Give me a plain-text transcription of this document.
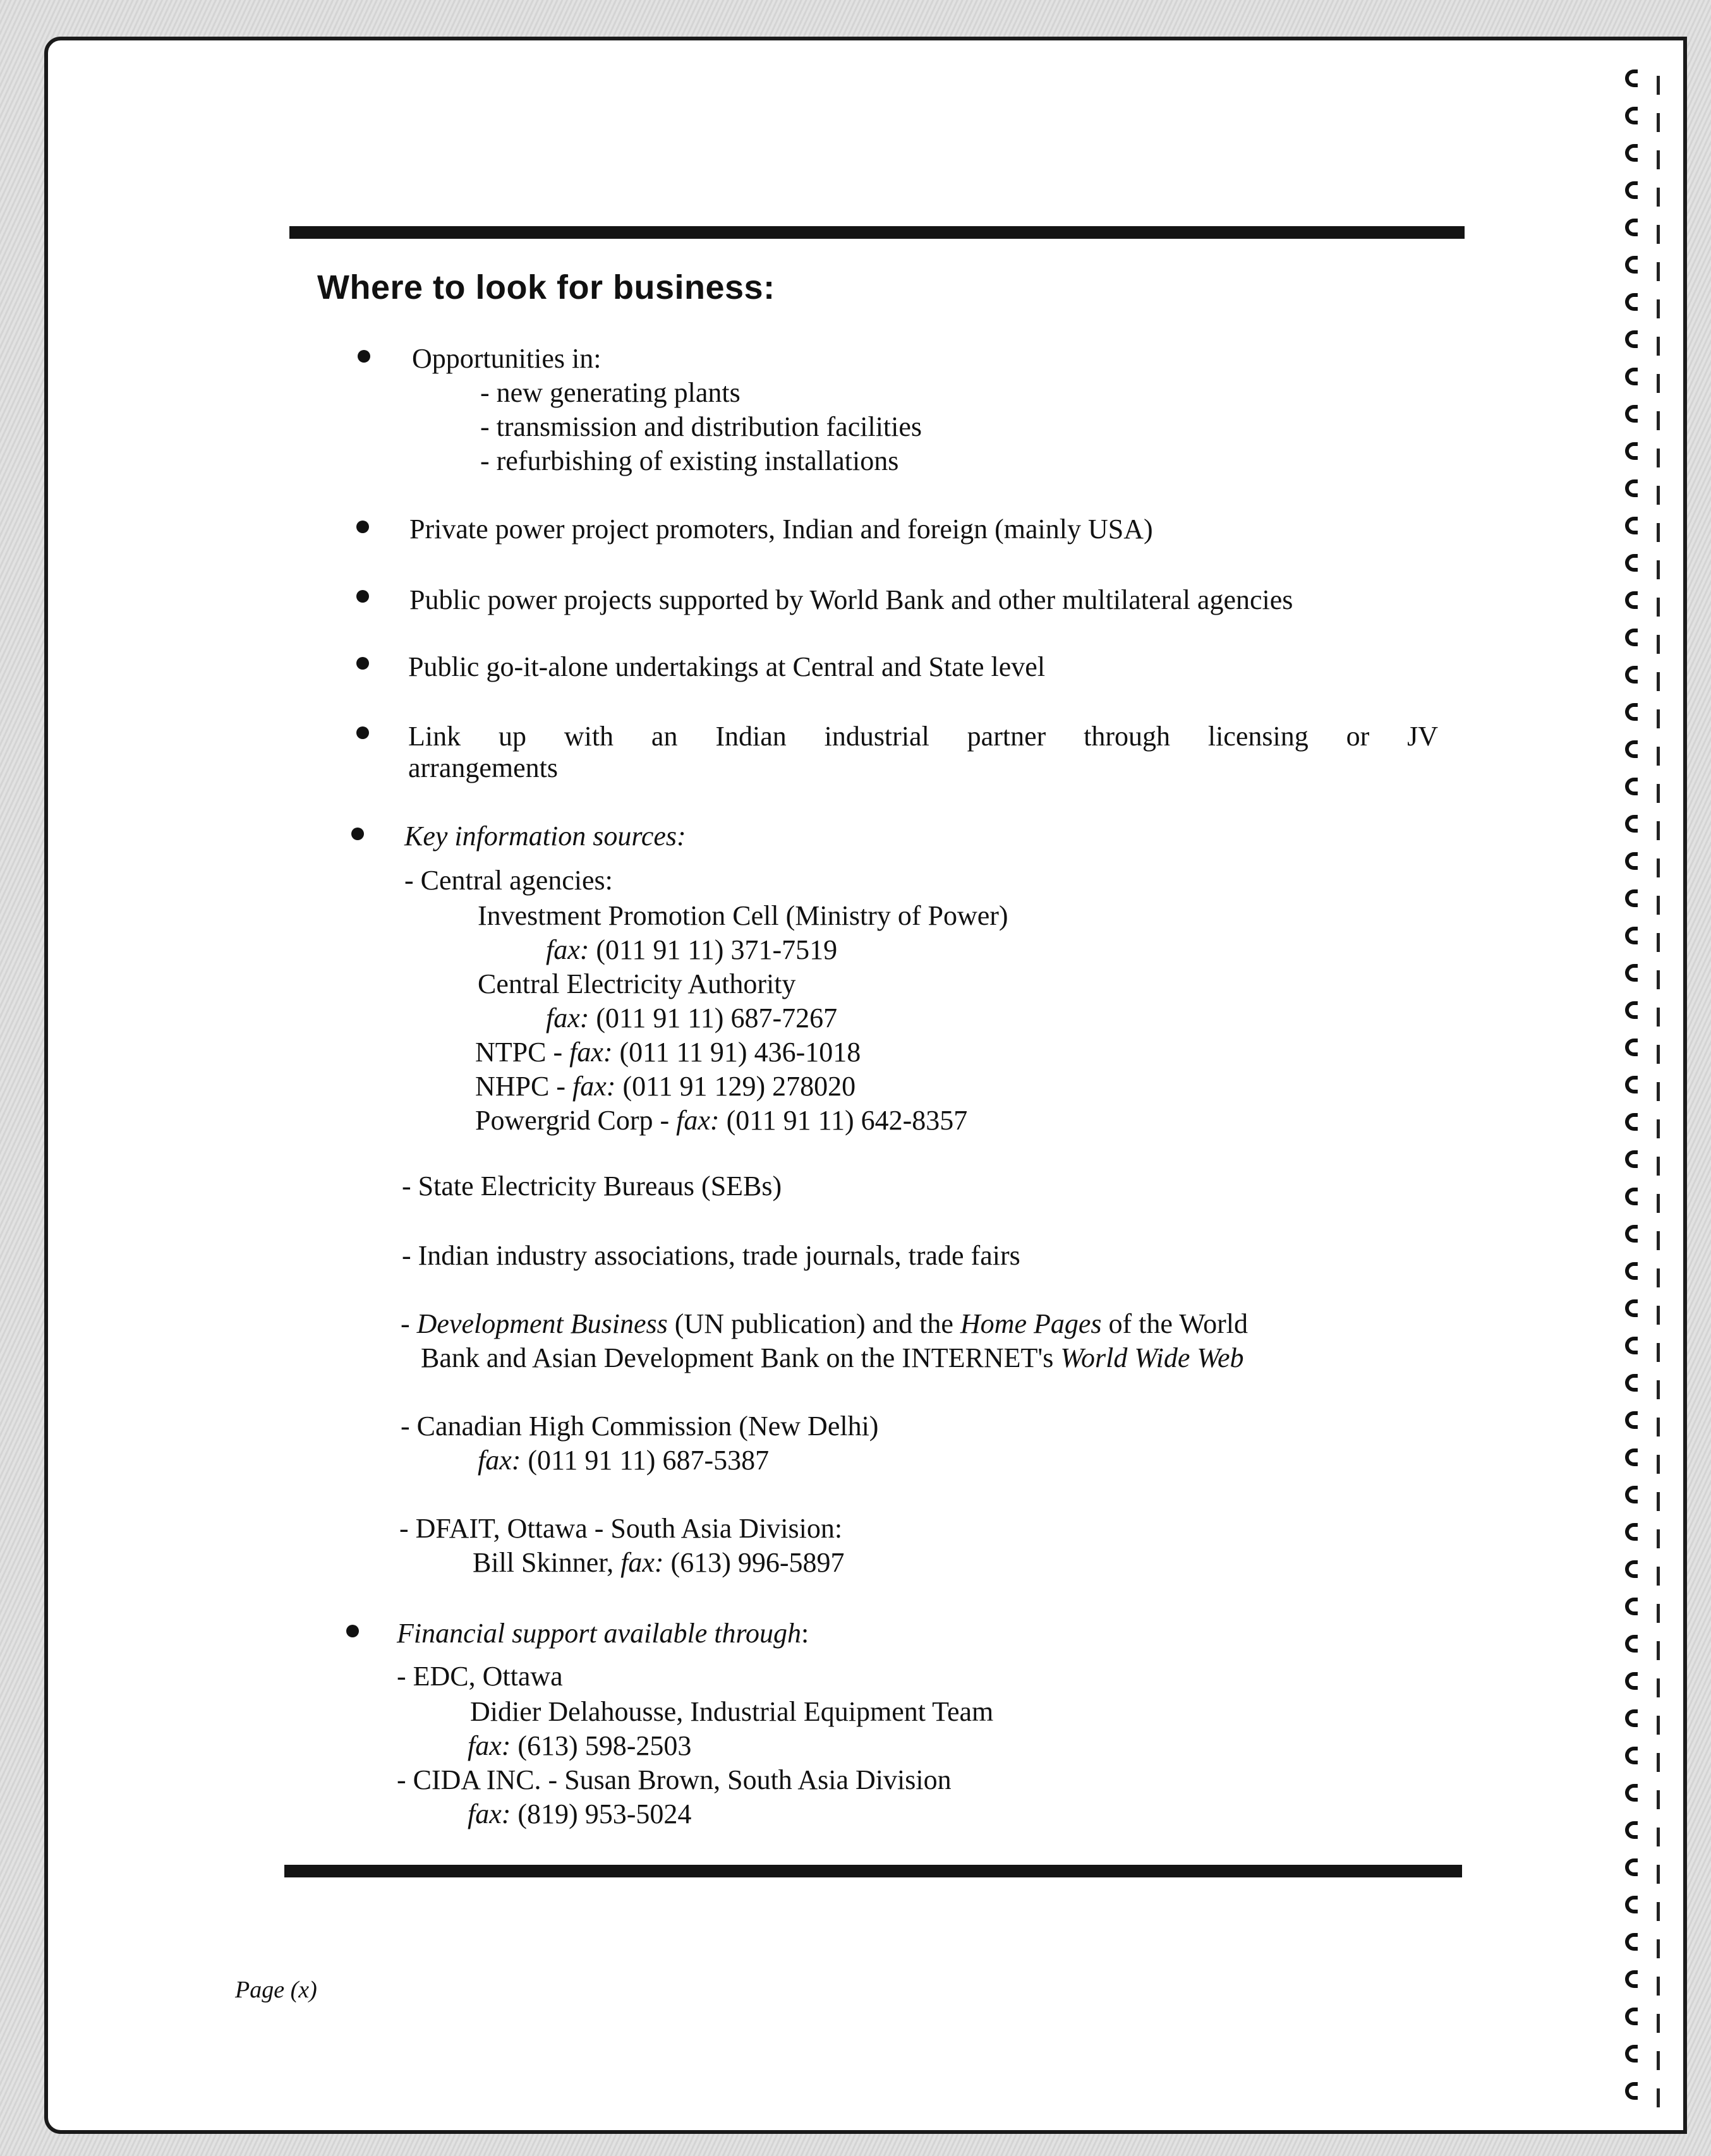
Where to look for business:
Opportunities in:
- new generating plants
- transmission and distribution facilities
- refurbishing of existing installations
Private power project promoters, Indian and foreign (mainly USA)
Public power projects supported by World Bank and other multilateral agencies
Public go-it-alone undertakings at Central and State level
Link up with an Indian industrial partner through licensing or JV
arrangements
Key information sources:
- Central agencies:
Investment Promotion Cell (Ministry of Power)
fax: (011 91 11) 371-7519
Central Electricity Authority
fax: (011 91 11) 687-7267
NTPC - fax: (011 11 91) 436-1018
NHPC - fax: (011 91 129) 278020
Powergrid Corp - fax: (011 91 11) 642-8357
- State Electricity Bureaus (SEBs)
- Indian industry associations, trade journals, trade fairs
- Development Business (UN publication) and the Home Pages of the World
Bank and Asian Development Bank on the INTERNET's World Wide Web
- Canadian High Commission (New Delhi)
fax: (011 91 11) 687-5387
- DFAIT, Ottawa - South Asia Division:
Bill Skinner, fax: (613) 996-5897
Financial support available through:
- EDC, Ottawa
Didier Delahousse, Industrial Equipment Team
fax: (613) 598-2503
- CIDA INC. - Susan Brown, South Asia Division
fax: (819) 953-5024
Page (x)
